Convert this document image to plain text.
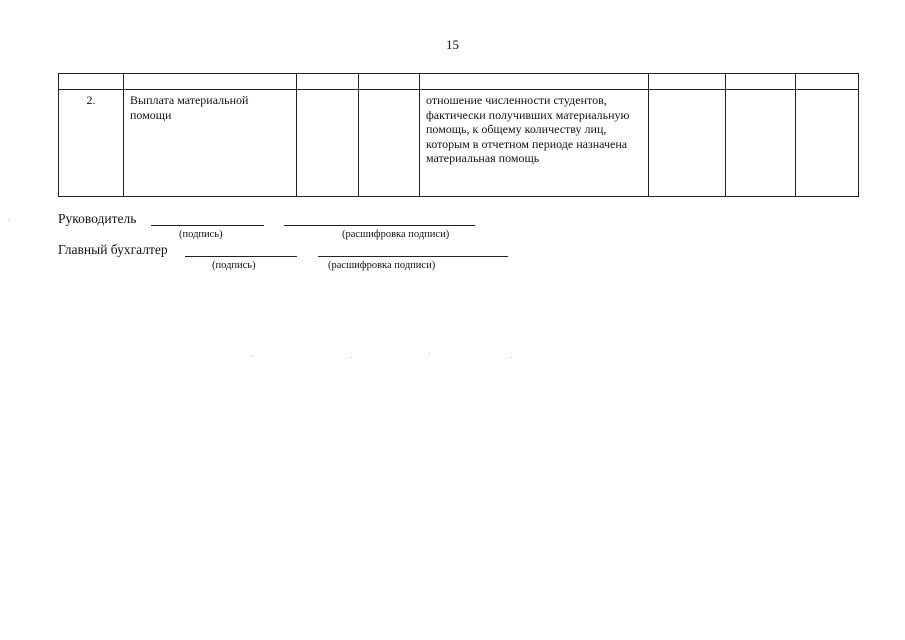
15

2.	Выплата материальной помощи			отношение численности студентов, фактически получивших материальную помощь, к общему количеству лиц, которым в отчетном периоде назначена материальная помощь			
Руководитель
(подпись)	(расшифровка подписи)
Главный бухгалтер
(подпись)	(расшифровка подписи)
